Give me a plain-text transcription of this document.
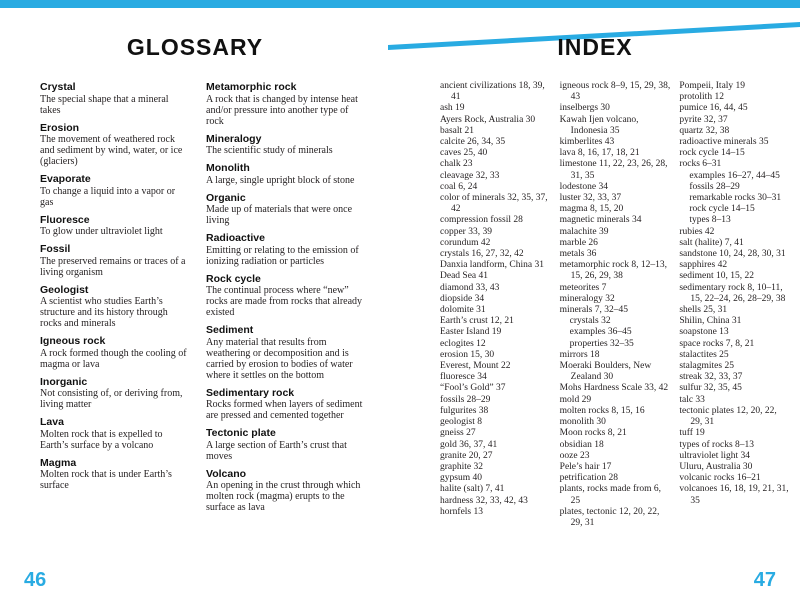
GLOSSARY
Crystal
The special shape that a mineral takes
Erosion
The movement of weathered rock and sediment by wind, water, or ice (glaciers)
Evaporate
To change a liquid into a vapor or gas
Fluoresce
To glow under ultraviolet light
Fossil
The preserved remains or traces of a living organism
Geologist
A scientist who studies Earth’s structure and its history through rocks and minerals
Igneous rock
A rock formed though the cooling of magma or lava
Inorganic
Not consisting of, or deriving from, living matter
Lava
Molten rock that is expelled to Earth’s surface by a volcano
Magma
Molten rock that is under Earth’s surface
Metamorphic rock
A rock that is changed by intense heat and/or pressure into another type of rock
Mineralogy
The scientific study of minerals
Monolith
A large, single upright block of stone
Organic
Made up of materials that were once living
Radioactive
Emitting or relating to the emission of ionizing radiation or particles
Rock cycle
The continual process where “new” rocks are made from rocks that already existed
Sediment
Any material that results from weathering or decomposition and is carried by erosion to bodies of water where it settles on the bottom
Sedimentary rock
Rocks formed when layers of sediment are pressed and cemented together
Tectonic plate
A large section of Earth’s crust that moves
Volcano
An opening in the crust through which molten rock (magma) erupts to the surface as lava
46
INDEX
ancient civilizations 18, 39, 41
ash 19
Ayers Rock, Australia 30
basalt 21
calcite 26, 34, 35
caves 25, 40
chalk 23
cleavage 32, 33
coal 6, 24
color of minerals 32, 35, 37, 42
compression fossil 28
copper 33, 39
corundum 42
crystals 16, 27, 32, 42
Danxia landform, China 31
Dead Sea 41
diamond 33, 43
diopside 34
dolomite 31
Earth’s crust 12, 21
Easter Island 19
eclogites 12
erosion 15, 30
Everest, Mount 22
fluoresce 34
“Fool’s Gold” 37
fossils 28–29
fulgurites 38
geologist 8
gneiss 27
gold 36, 37, 41
granite 20, 27
graphite 32
gypsum 40
halite (salt) 7, 41
hardness 32, 33, 42, 43
hornfels 13
igneous rock 8–9, 15, 29, 38, 43
inselbergs 30
Kawah Ijen volcano, Indonesia 35
kimberlites 43
lava 8, 16, 17, 18, 21
limestone 11, 22, 23, 26, 28, 31, 35
lodestone 34
luster 32, 33, 37
magma 8, 15, 20
magnetic minerals 34
malachite 39
marble 26
metals 36
metamorphic rock 8, 12–13, 15, 26, 29, 38
meteorites 7
mineralogy 32
minerals 7, 32–45
crystals 32
examples 36–45
properties 32–35
mirrors 18
Moeraki Boulders, New Zealand 30
Mohs Hardness Scale 33, 42
mold 29
molten rocks 8, 15, 16
monolith 30
Moon rocks 8, 21
obsidian 18
ooze 23
Pele’s hair 17
petrification 28
plants, rocks made from 6, 25
plates, tectonic 12, 20, 22, 29, 31
Pompeii, Italy 19
protolith 12
pumice 16, 44, 45
pyrite 32, 37
quartz 32, 38
radioactive minerals 35
rock cycle 14–15
rocks 6–31
examples 16–27, 44–45
fossils 28–29
remarkable rocks 30–31
rock cycle 14–15
types 8–13
rubies 42
salt (halite) 7, 41
sandstone 10, 24, 28, 30, 31
sapphires 42
sediment 10, 15, 22
sedimentary rock 8, 10–11, 15, 22–24, 26, 28–29, 38
shells 25, 31
Shilin, China 31
soapstone 13
space rocks 7, 8, 21
stalactites 25
stalagmites 25
streak 32, 33, 37
sulfur 32, 35, 45
talc 33
tectonic plates 12, 20, 22, 29, 31
tuff 19
types of rocks 8–13
ultraviolet light 34
Uluru, Australia 30
volcanic rocks 16–21
volcanoes 16, 18, 19, 21, 31, 35
47
